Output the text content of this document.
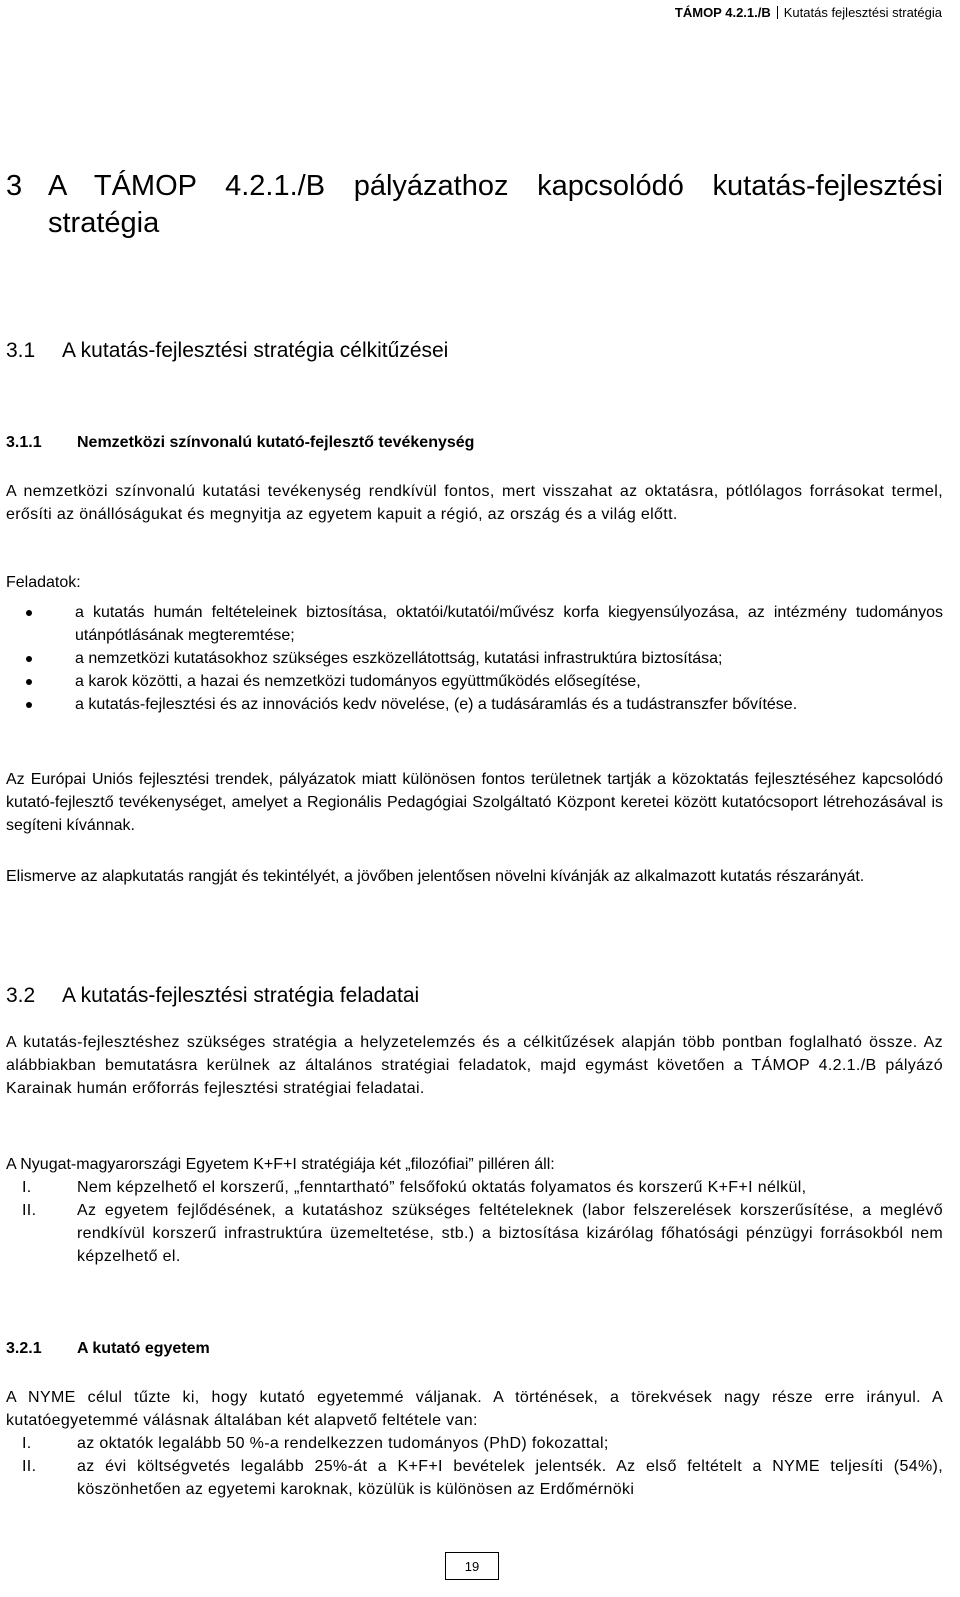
TÁMOP 4.2.1./B Kutatás fejlesztési stratégia
3 A TÁMOP 4.2.1./B pályázathoz kapcsolódó kutatás-fejlesztési stratégia
3.1 A kutatás-fejlesztési stratégia célkitűzései
3.1.1 Nemzetközi színvonalú kutató-fejlesztő tevékenység
A nemzetközi színvonalú kutatási tevékenység rendkívül fontos, mert visszahat az oktatásra, pótlólagos forrásokat termel, erősíti az önállóságukat és megnyitja az egyetem kapuit a régió, az ország és a világ előtt.
Feladatok:
a kutatás humán feltételeinek biztosítása, oktatói/kutatói/művész korfa kiegyensúlyozása, az intézmény tudományos utánpótlásának megteremtése;
a nemzetközi kutatásokhoz szükséges eszközellátottság, kutatási infrastruktúra biztosítása;
a karok közötti, a hazai és nemzetközi tudományos együttműködés elősegítése,
a kutatás-fejlesztési és az innovációs kedv növelése, (e) a tudásáramlás és a tudástranszfer bővítése.
Az Európai Uniós fejlesztési trendek, pályázatok miatt különösen fontos területnek tartják a közoktatás fejlesztéséhez kapcsolódó kutató-fejlesztő tevékenységet, amelyet a Regionális Pedagógiai Szolgáltató Központ keretei között kutatócsoport létrehozásával is segíteni kívánnak.
Elismerve az alapkutatás rangját és tekintélyét, a jövőben jelentősen növelni kívánják az alkalmazott kutatás részarányát.
3.2 A kutatás-fejlesztési stratégia feladatai
A kutatás-fejlesztéshez szükséges stratégia a helyzetelemzés és a célkitűzések alapján több pontban foglalható össze. Az alábbiakban bemutatásra kerülnek az általános stratégiai feladatok, majd egymást követően a TÁMOP 4.2.1./B pályázó Karainak humán erőforrás fejlesztési stratégiai feladatai.
A Nyugat-magyarországi Egyetem K+F+I stratégiája két „filozófiai” pilléren áll:
I.	Nem képzelhető el korszerű, „fenntartható” felsőfokú oktatás folyamatos és korszerű K+F+I nélkül,
II.	Az egyetem fejlődésének, a kutatáshoz szükséges feltételeknek (labor felszerelések korszerűsítése, a meglévő rendkívül korszerű infrastruktúra üzemeltetése, stb.) a biztosítása kizárólag főhatósági pénzügyi forrásokból nem képzelhető el.
3.2.1 A kutató egyetem
A NYME célul tűzte ki, hogy kutató egyetemmé váljanak. A történések, a törekvések nagy része erre irányul. A kutatóegyetemmé válásnak általában két alapvető feltétele van:
I.	az oktatók legalább 50 %-a rendelkezzen tudományos (PhD) fokozattal;
II.	az évi költségvetés legalább 25%-át a K+F+I bevételek jelentsék. Az első feltételt a NYME teljesíti (54%), köszönhetően az egyetemi karoknak, közülük is különösen az Erdőmérnöki
19
